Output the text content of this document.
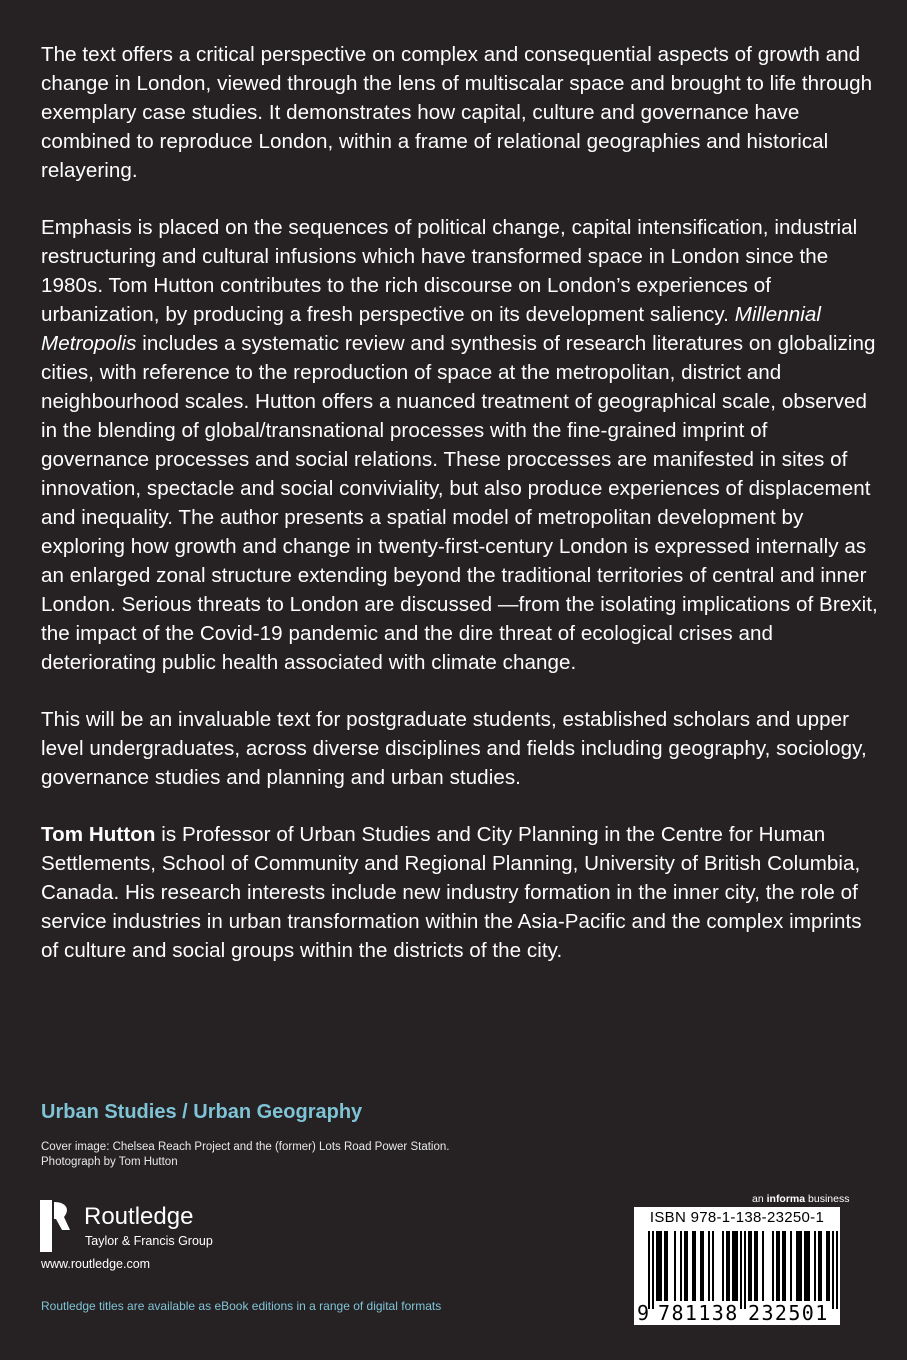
The text offers a critical perspective on complex and consequential aspects of growth and change in London, viewed through the lens of multiscalar space and brought to life through exemplary case studies. It demonstrates how capital, culture and governance have combined to reproduce London, within a frame of relational geographies and historical relayering.

Emphasis is placed on the sequences of political change, capital intensification, industrial restructuring and cultural infusions which have transformed space in London since the 1980s. Tom Hutton contributes to the rich discourse on London’s experiences of urbanization, by producing a fresh perspective on its development saliency. Millennial Metropolis includes a systematic review and synthesis of research literatures on globalizing cities, with reference to the reproduction of space at the metropolitan, district and neighbourhood scales. Hutton offers a nuanced treatment of geographical scale, observed in the blending of global/transnational processes with the fine-grained imprint of governance processes and social relations. These proccesses are manifested in sites of innovation, spectacle and social conviviality, but also produce experiences of displacement and inequality. The author presents a spatial model of metropolitan development by exploring how growth and change in twenty-first-century London is expressed internally as an enlarged zonal structure extending beyond the traditional territories of central and inner London. Serious threats to London are discussed —from the isolating implications of Brexit, the impact of the Covid-19 pandemic and the dire threat of ecological crises and deteriorating public health associated with climate change.

This will be an invaluable text for postgraduate students, established scholars and upper level undergraduates, across diverse disciplines and fields including geography, sociology, governance studies and planning and urban studies.

Tom Hutton is Professor of Urban Studies and City Planning in the Centre for Human Settlements, School of Community and Regional Planning, University of British Columbia, Canada. His research interests include new industry formation in the inner city, the role of service industries in urban transformation within the Asia-Pacific and the complex imprints of culture and social groups within the districts of the city.

Urban Studies / Urban Geography
Cover image: Chelsea Reach Project and the (former) Lots Road Power Station.
Photograph by Tom Hutton
ROUTLEDGE
Routledge
Taylor & Francis Group
www.routledge.com
Routledge titles are available as eBook editions in a range of digital formats
an informa business
ISBN 978-1-138-23250-1
9 781138 232501
